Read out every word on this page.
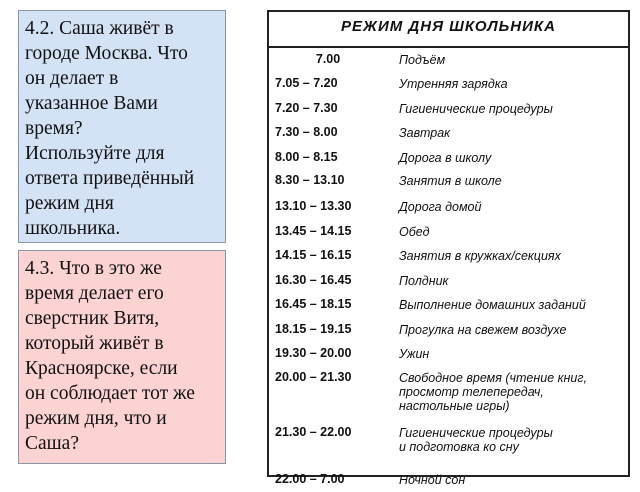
4.2. Саша живёт в
городе Москва. Что
он делает в
указанное Вами
время?
Используйте для
ответа приведённый
режим дня
школьника.
4.3. Что в это же
время делает его
сверстник Витя,
который живёт в
Красноярске, если
он соблюдает тот же
режим дня, что и
Саша?
РЕЖИМ ДНЯ ШКОЛЬНИКА
7.00	Подъём
7.05 – 7.20	Утренняя зарядка
7.20 – 7.30	Гигиенические процедуры
7.30 – 8.00	Завтрак
8.00 – 8.15	Дорога в школу
8.30 – 13.10	Занятия в школе
13.10 – 13.30	Дорога домой
13.45 – 14.15	Обед
14.15 – 16.15	Занятия в кружках/секциях
16.30 – 16.45	Полдник
16.45 – 18.15	Выполнение домашних заданий
18.15 – 19.15	Прогулка на свежем воздухе
19.30 – 20.00	Ужин
20.00 – 21.30	Свободное время (чтение книг,
просмотр телепередач,
настольные игры)
21.30 – 22.00	Гигиенические процедуры
и подготовка ко сну
22.00 – 7.00	Ночной сон
